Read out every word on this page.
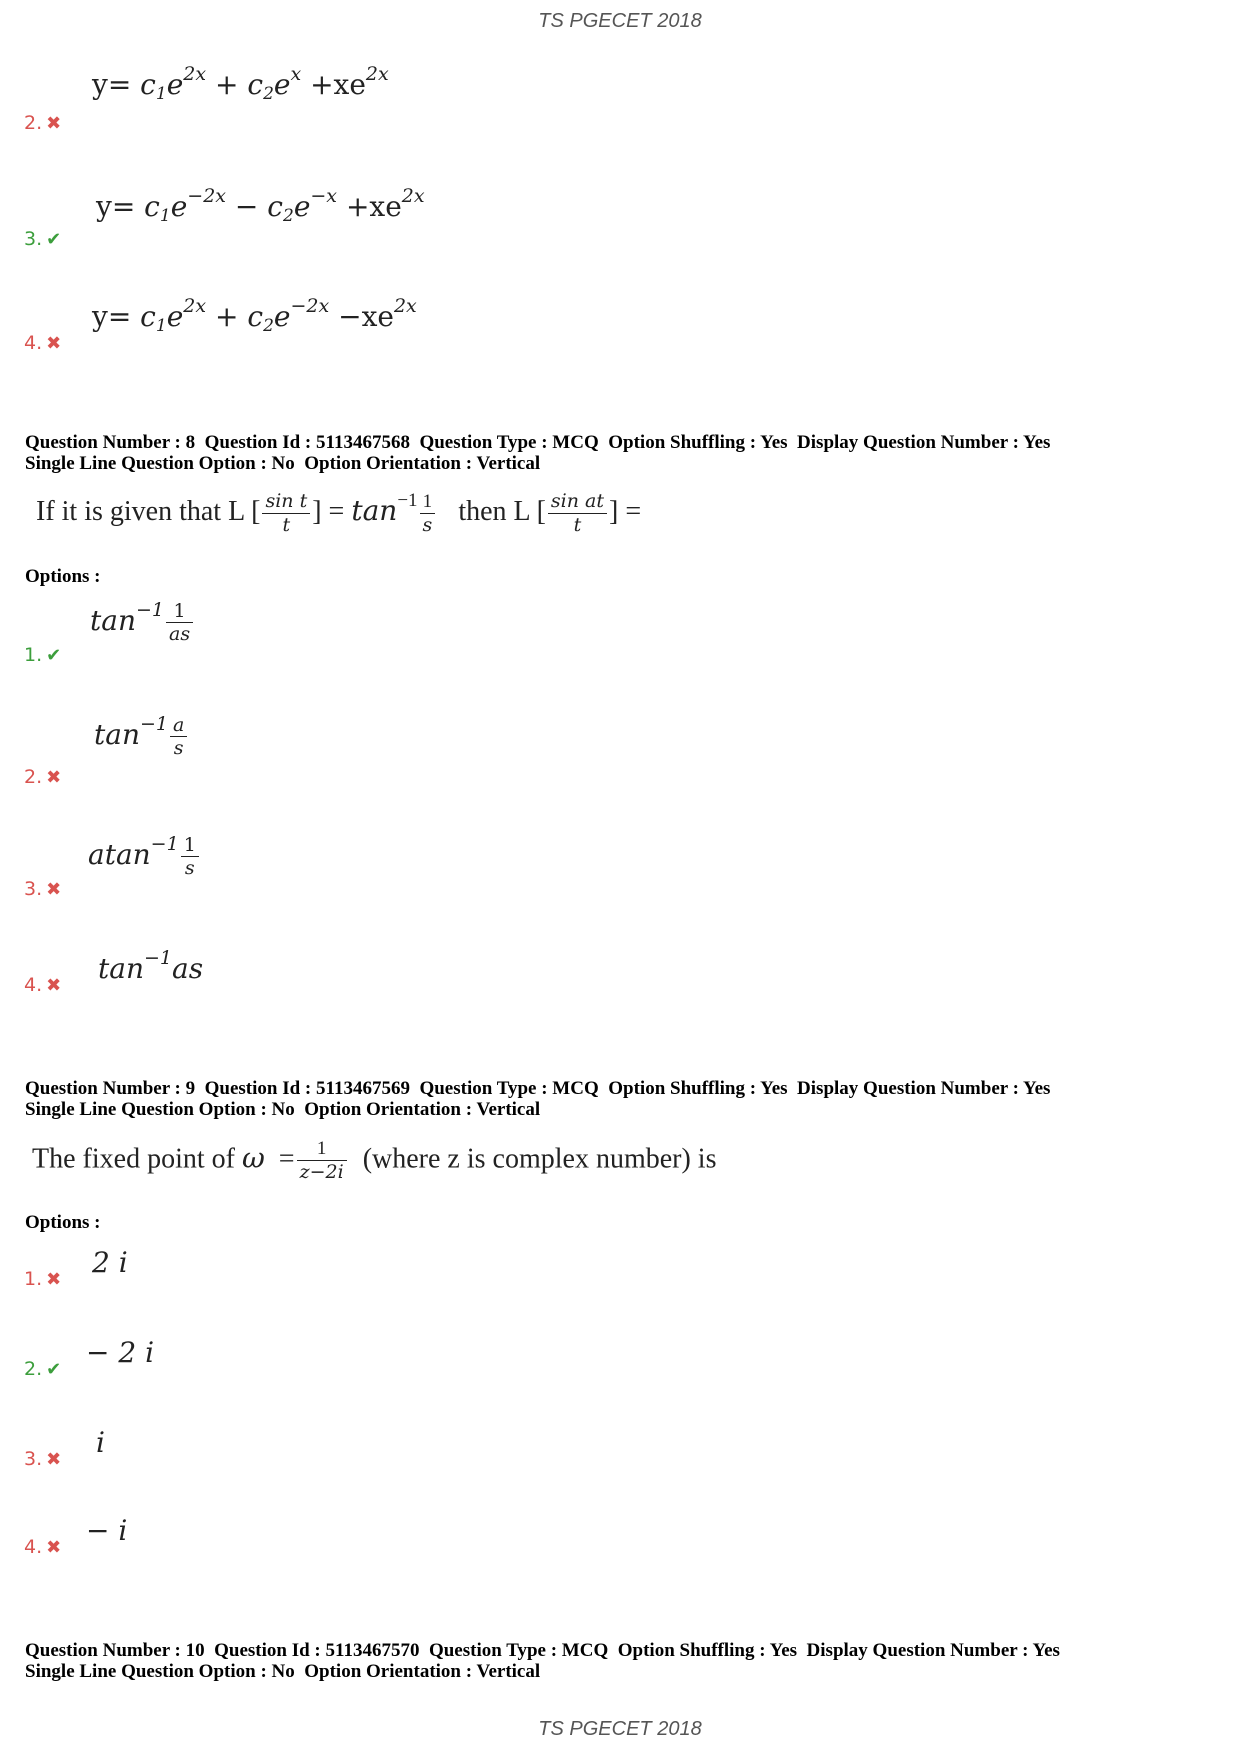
TS PGECET 2018
$y= c_1e^{2x} + c_2e^x +xe^{2x}$
2. ✖
$y= c_1e^{-2x} - c_2e^{-x} +xe^{2x}$
3. ✔
$y= c_1e^{2x} + c_2e^{-2x} -xe^{2x}$
4. ✖
Question Number : 8  Question Id : 5113467568  Question Type : MCQ  Option Shuffling : Yes  Display Question Number : Yes
Single Line Question Option : No  Option Orientation : Vertical
If it is given that L [ $\frac{\text{sin t}}{t}$ ] = $\tan^{-1} \frac{1}{s}$ then L [ $\frac{\text{sin at}}{t}$ ] =
Options :
$\tan^{-1} \frac{1}{as}$
1. ✔
$\tan^{-1} \frac{a}{s}$
2. ✖
$atan^{-1} \frac{1}{s}$
3. ✖
$\tan^{-1}as$
4. ✖
Question Number : 9  Question Id : 5113467569  Question Type : MCQ  Option Shuffling : Yes  Display Question Number : Yes
Single Line Question Option : No  Option Orientation : Vertical
The fixed point of $\omega = \frac{1}{z-2i}$ (where z is complex number) is
Options :
2 i
1. ✖
− 2 i
2. ✔
i
3. ✖
− i
4. ✖
Question Number : 10  Question Id : 5113467570  Question Type : MCQ  Option Shuffling : Yes  Display Question Number : Yes
Single Line Question Option : No  Option Orientation : Vertical
TS PGECET 2018
